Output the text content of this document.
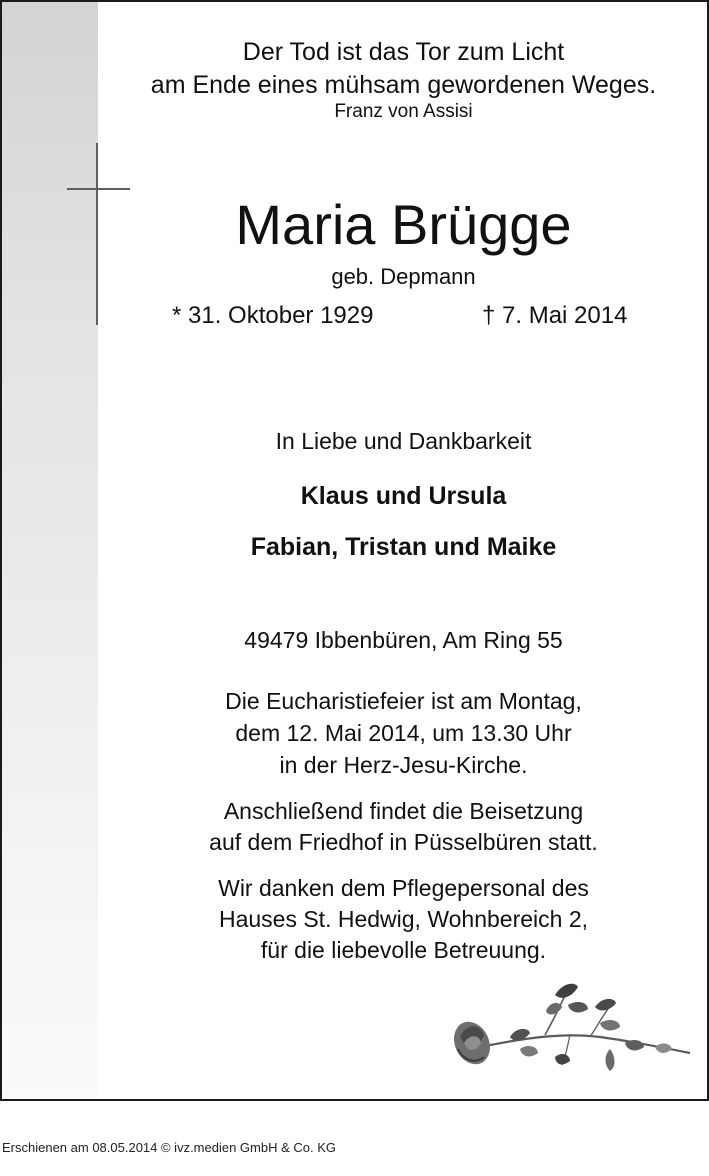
Der Tod ist das Tor zum Licht
am Ende eines mühsam gewordenen Weges.
Franz von Assisi
Maria Brügge
geb. Depmann
* 31. Oktober 1929	† 7. Mai 2014
In Liebe und Dankbarkeit
Klaus und Ursula
Fabian, Tristan und Maike
49479 Ibbenbüren, Am Ring 55
Die Eucharistiefeier ist am Montag,
dem 12. Mai 2014, um 13.30 Uhr
in der Herz-Jesu-Kirche.
Anschließend findet die Beisetzung
auf dem Friedhof in Püsselbüren statt.
Wir danken dem Pflegepersonal des
Hauses St. Hedwig, Wohnbereich 2,
für die liebevolle Betreuung.
Erschienen am 08.05.2014 © ivz.medien GmbH & Co. KG
